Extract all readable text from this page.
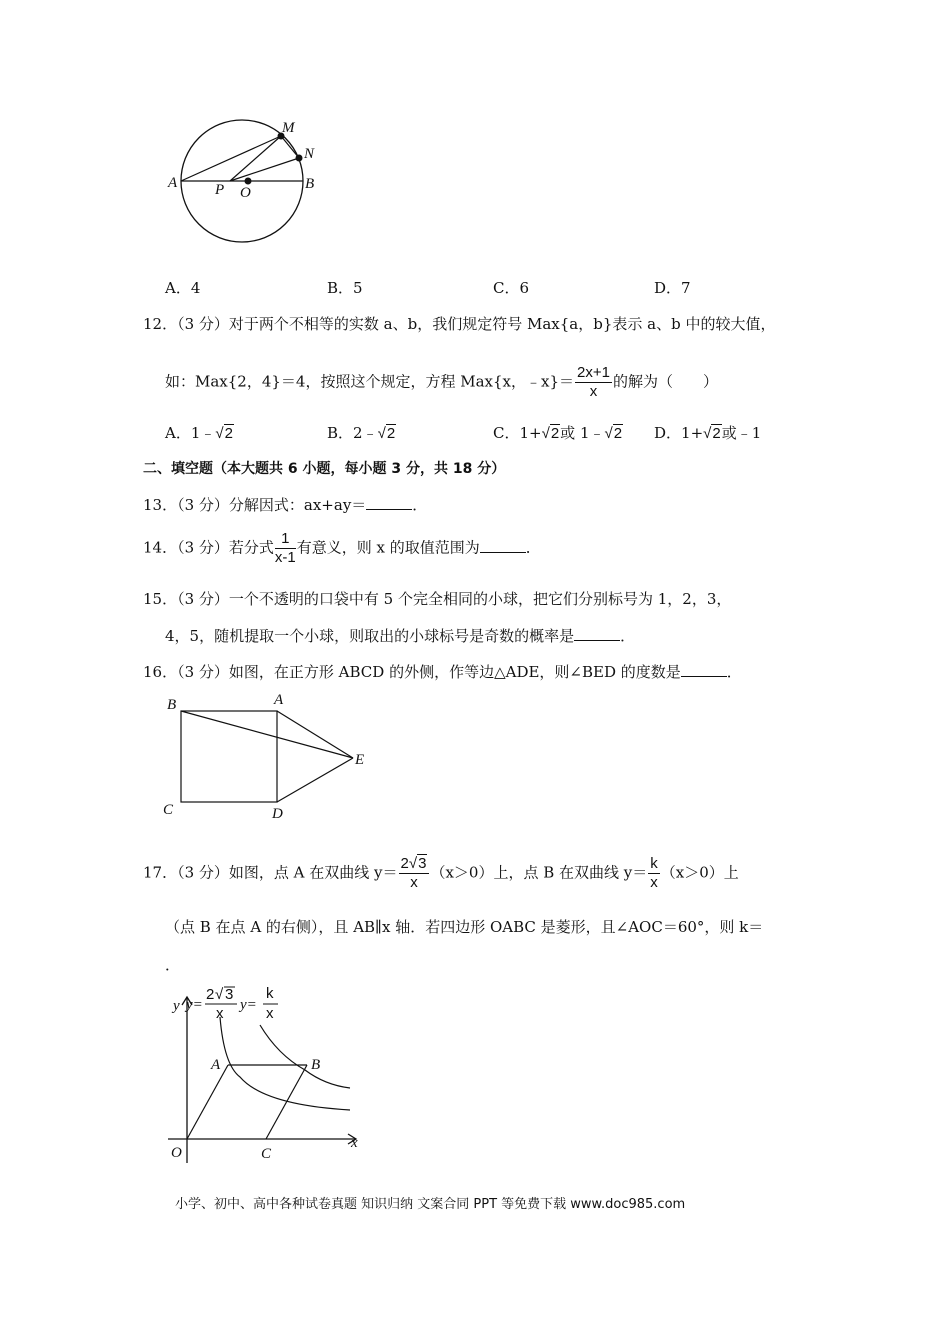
M
N
A	B
P O
A．4	B．5	C．6	D．7
12．（3 分）对于两个不相等的实数 a、b，我们规定符号 Max{a，b}表示 a、b 中的较大值，
如：Max{2，4}＝4，按照这个规定，方程 Max{x，﹣x}＝ $\frac{2x+1}{x}$ 的解为（　　）
A．1﹣√2	B．2﹣√2	C．1+√2或 1﹣√2 D．1+√2或﹣1
二、填空题（本大题共 6 小题，每小题 3 分，共 18 分）
13．（3 分）分解因式：ax+ay＝	．
14．（3 分）若分式 $\frac{1}{x-1}$ 有意义，则 x 的取值范围为	．
15．（3 分）一个不透明的口袋中有 5 个完全相同的小球，把它们分别标号为 1，2，3，
4，5，随机提取一个小球，则取出的小球标号是奇数的概率是	．
16．（3 分）如图，在正方形 ABCD 的外侧，作等边△ADE，则∠BED 的度数是	．
B	A
E
C	D
17．（3 分）如图，点 A 在双曲线 $y= \frac{2√3}{x} (x>0)$上，点 B 在双曲线 $y= \frac{k}{x} (x>0)$上
（点 B 在点 A 的右侧），且 AB∥x 轴．若四边形 OABC 是菱形，且∠AOC＝60°，则 k＝
．
y y=
2 √ 3
x y=
k
x
A	B
O	C
x
小学、初中、高中各种试卷真题 知识归纳 文案合同 PPT 等免费下载 www.doc985.com
